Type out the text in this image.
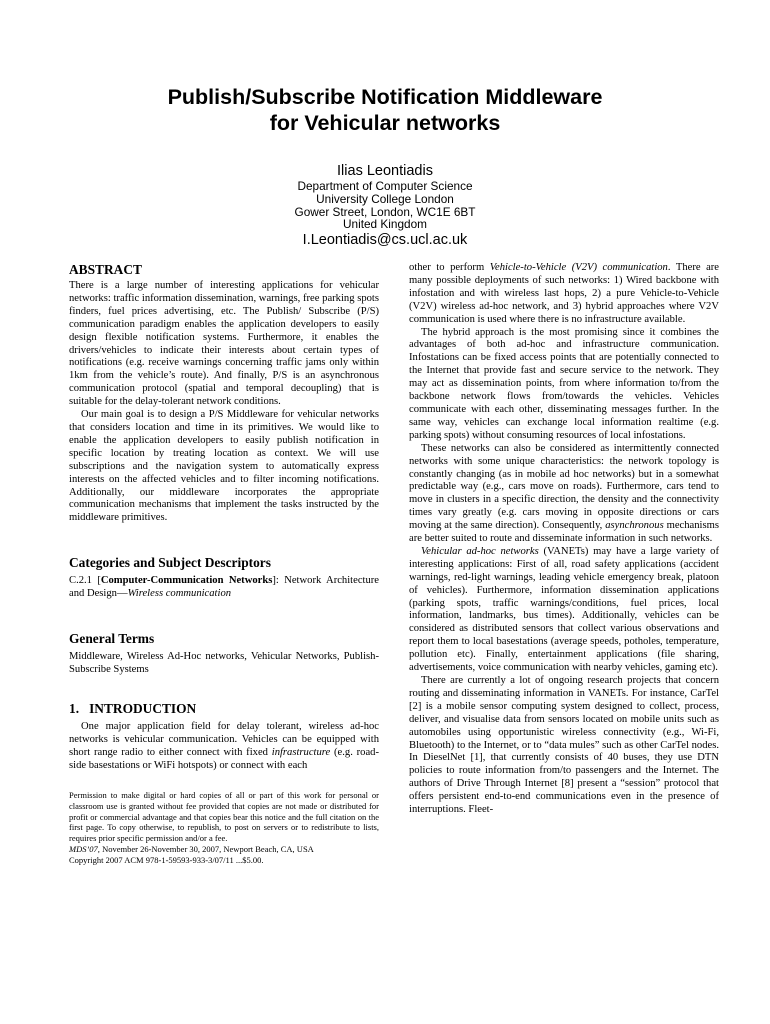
Publish/Subscribe Notification Middleware
for Vehicular networks
Ilias Leontiadis
Department of Computer Science
University College London
Gower Street, London, WC1E 6BT
United Kingdom
I.Leontiadis@cs.ucl.ac.uk
ABSTRACT

There is a large number of interesting applications for vehicular networks: traffic information dissemination, warnings, free parking spots finders, fuel prices advertising, etc. The Publish/ Subscribe (P/S) communication paradigm enables the application developers to easily design flexible notification systems. Furthermore, it enables the drivers/vehicles to indicate their interests about certain types of notifications (e.g. receive warnings concerning traffic jams only within 1km from the vehicle’s route). And finally, P/S is an asynchronous communication protocol (spatial and temporal decoupling) that is suitable for the delay-tolerant network conditions.

Our main goal is to design a P/S Middleware for vehicular networks that considers location and time in its primitives. We would like to enable the application developers to easily publish notification in specific location by treating location as context. We will use subscriptions and the navigation system to automatically express interests on the affected vehicles and to filter incoming notifications. Additionally, our middleware incorporates the appropriate communication mechanisms that implement the tasks instructed by the middleware primitives.

Categories and Subject Descriptors

C.2.1 [Computer-Communication Networks]: Network Architecture and Design—Wireless communication

General Terms

Middleware, Wireless Ad-Hoc networks, Vehicular Networks, Publish-Subscribe Systems

1.   INTRODUCTION

One major application field for delay tolerant, wireless ad-hoc networks is vehicular communication. Vehicles can be equipped with short range radio to either connect with fixed infrastructure (e.g. road-side basestations or WiFi hotspots) or connect with each

Permission to make digital or hard copies of all or part of this work for personal or classroom use is granted without fee provided that copies are not made or distributed for profit or commercial advantage and that copies bear this notice and the full citation on the first page. To copy otherwise, to republish, to post on servers or to redistribute to lists, requires prior specific permission and/or a fee.

MDS’07, November 26-November 30, 2007, Newport Beach, CA, USA

Copyright 2007 ACM 978-1-59593-933-3/07/11 ...$5.00.

other to perform Vehicle-to-Vehicle (V2V) communication. There are many possible deployments of such networks: 1) Wired backbone with infostation and with wireless last hops, 2) a pure Vehicle-to-Vehicle (V2V) wireless ad-hoc network, and 3) hybrid approaches where V2V communication is used where there is no infrastructure available.

The hybrid approach is the most promising since it combines the advantages of both ad-hoc and infrastructure communication. Infostations can be fixed access points that are potentially connected to the Internet that provide fast and secure service to the network. They may act as dissemination points, from where information to/from the backbone network flows from/towards the vehicles. Vehicles communicate with each other, disseminating messages further. In the same way, vehicles can exchange local information realtime (e.g. parking spots) without consuming resources of local infostations.

These networks can also be considered as intermittently connected networks with some unique characteristics: the network topology is constantly changing (as in mobile ad hoc networks) but in a somewhat predictable way (e.g., cars move on roads). Furthermore, cars tend to move in clusters in a specific direction, the density and the connectivity times vary greatly (e.g. cars moving in opposite directions or cars moving at the same direction). Consequently, asynchronous mechanisms are better suited to route and disseminate information in such networks.

Vehicular ad-hoc networks (VANETs) may have a large variety of interesting applications: First of all, road safety applications (accident warnings, red-light warnings, leading vehicle emergency break, platoon of vehicles). Furthermore, information dissemination applications (parking spots, traffic warnings/conditions, fuel prices, local information, landmarks, bus times). Additionally, vehicles can be considered as distributed sensors that collect various observations and report them to local basestations (average speeds, potholes, temperature, pollution etc). Finally, entertainment applications (file sharing, advertisements, voice communication with nearby vehicles, gaming etc).

There are currently a lot of ongoing research projects that concern routing and disseminating information in VANETs. For instance, CarTel [2] is a mobile sensor computing system designed to collect, process, deliver, and visualise data from sensors located on mobile units such as automobiles using opportunistic wireless connectivity (e.g., Wi-Fi, Bluetooth) to the Internet, or to “data mules” such as other CarTel nodes. In DieselNet [1], that currently consists of 40 buses, they use DTN policies to route information from/to passengers and the Internet. The authors of Drive Through Internet [8] present a “session” protocol that offers persistent end-to-end communications even in the presence of interruptions. Fleet-
